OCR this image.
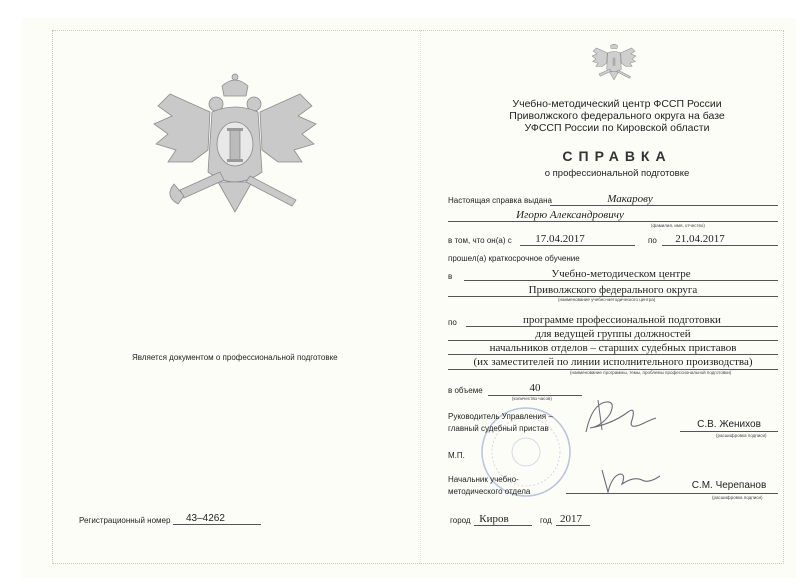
Является документом о профессиональной подготовке
Регистрационный номер 43–4262
Учебно-методический центр ФССП России
Приволжского федерального округа на базе
УФССП России по Кировской области
СПРАВКА
о профессиональной подготовке
Настоящая справка выдана	Макарову
Игорю Александровичу
(фамилия, имя, отчество)
в том, что он(а) с	17.04.2017	по	21.04.2017
прошел(а) краткосрочное обучение
в	Учебно-методическом центре
Приволжского федерального округа
(наименование учебно-методического центра)
по	программе профессиональной подготовки
для ведущей группы должностей
начальников отделов – старших судебных приставов
(их заместителей по линии исполнительного производства)
(наименование программы, темы, проблемы профессиональной подготовки)
в объеме	40
(количество часов)
Руководитель Управления –
главный судебный пристав	С.В. Женихов
(расшифровка подписи)
М.П.
Начальник учебно-
методического отдела
С.М. Черепанов
(расшифровка подписи)
город Киров	год 2017
